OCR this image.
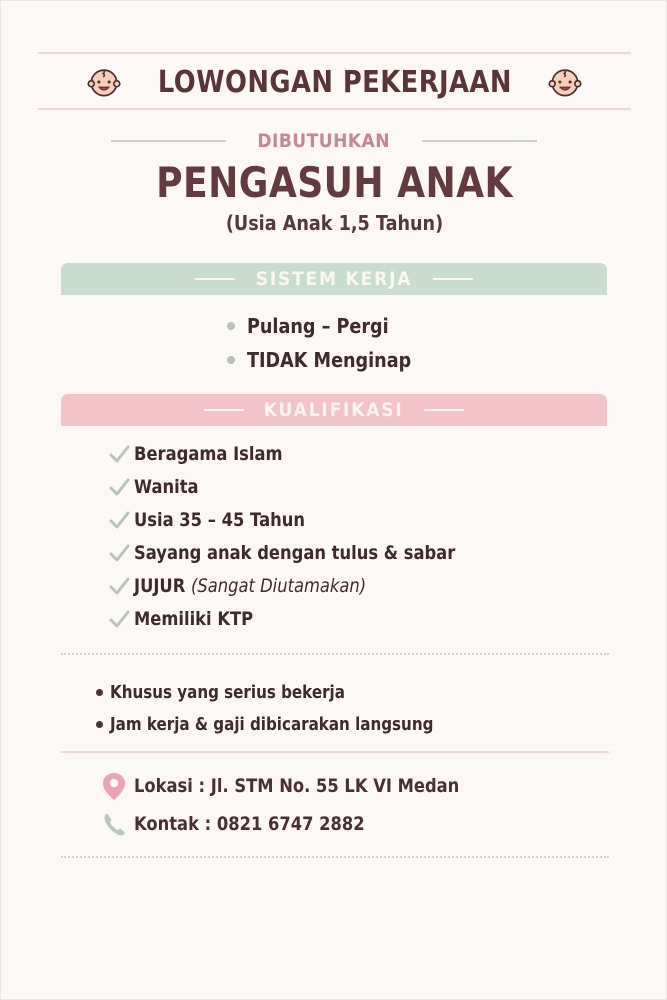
LOWONGAN PEKERJAAN
DIBUTUHKAN
PENGASUH ANAK
(Usia Anak 1,5 Tahun)
SISTEM KERJA
Pulang – Pergi
TIDAK Menginap
KUALIFIKASI
Beragama Islam
Wanita
Usia 35 – 45 Tahun
Sayang anak dengan tulus & sabar
JUJUR (Sangat Diutamakan)
Memiliki KTP
Khusus yang serius bekerja
Jam kerja & gaji dibicarakan langsung
Lokasi : Jl. STM No. 55 LK VI Medan
Kontak : 0821 6747 2882
